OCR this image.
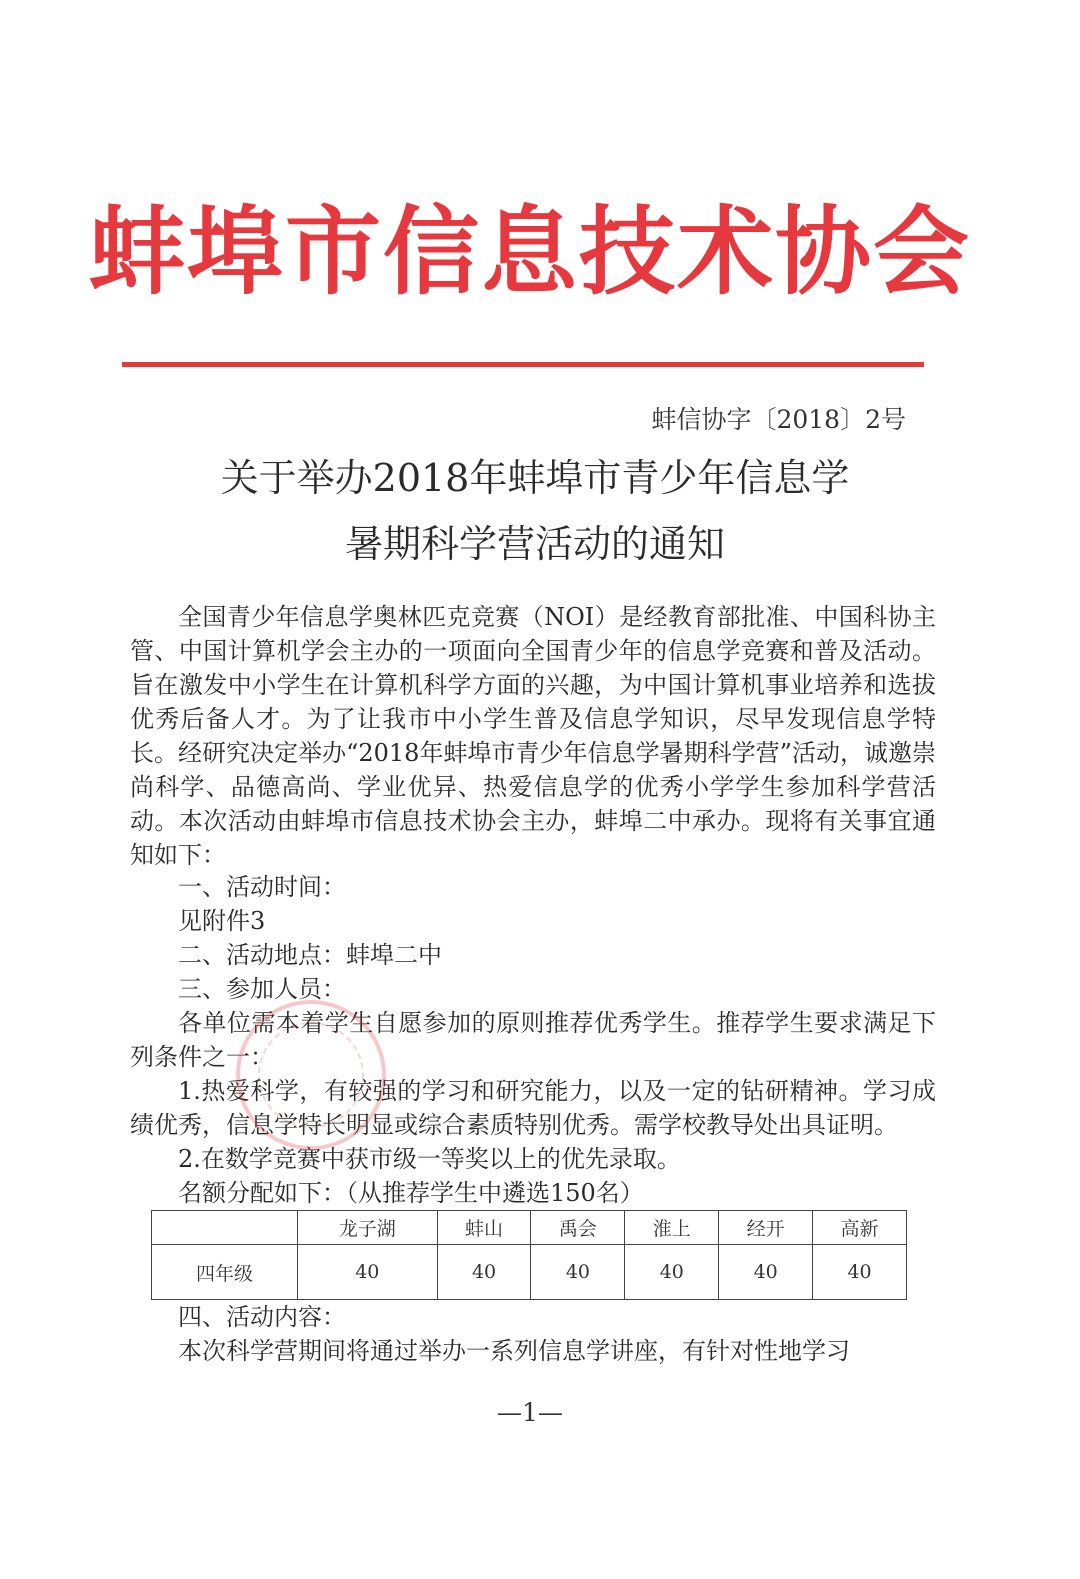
蚌埠市信息技术协会
蚌信协字〔2018〕2号
关于举办2018年蚌埠市青少年信息学
暑期科学营活动的通知

全国青少年信息学奥林匹克竞赛（NOI）是经教育部批准、中国科协主管、中国计算机学会主办的一项面向全国青少年的信息学竞赛和普及活动。旨在激发中小学生在计算机科学方面的兴趣，为中国计算机事业培养和选拔优秀后备人才。为了让我市中小学生普及信息学知识，尽早发现信息学特长。经研究决定举办“2018年蚌埠市青少年信息学暑期科学营”活动，诚邀崇尚科学、品德高尚、学业优异、热爱信息学的优秀小学学生参加科学营活动。本次活动由蚌埠市信息技术协会主办，蚌埠二中承办。现将有关事宜通知如下：

一、活动时间：
见附件3
二、活动地点：蚌埠二中
三、参加人员：

各单位需本着学生自愿参加的原则推荐优秀学生。推荐学生要求满足下列条件之一：

1.热爱科学，有较强的学习和研究能力，以及一定的钻研精神。学习成绩优秀，信息学特长明显或综合素质特别优秀。需学校教导处出具证明。

2.在数学竞赛中获市级一等奖以上的优先录取。
名额分配如下：（从推荐学生中遴选150名）
	龙子湖	蚌山	禹会	淮上	经开	高新
四年级	40	40	40	40	40	40
四、活动内容：
本次科学营期间将通过举办一系列信息学讲座，有针对性地学习
—1—
